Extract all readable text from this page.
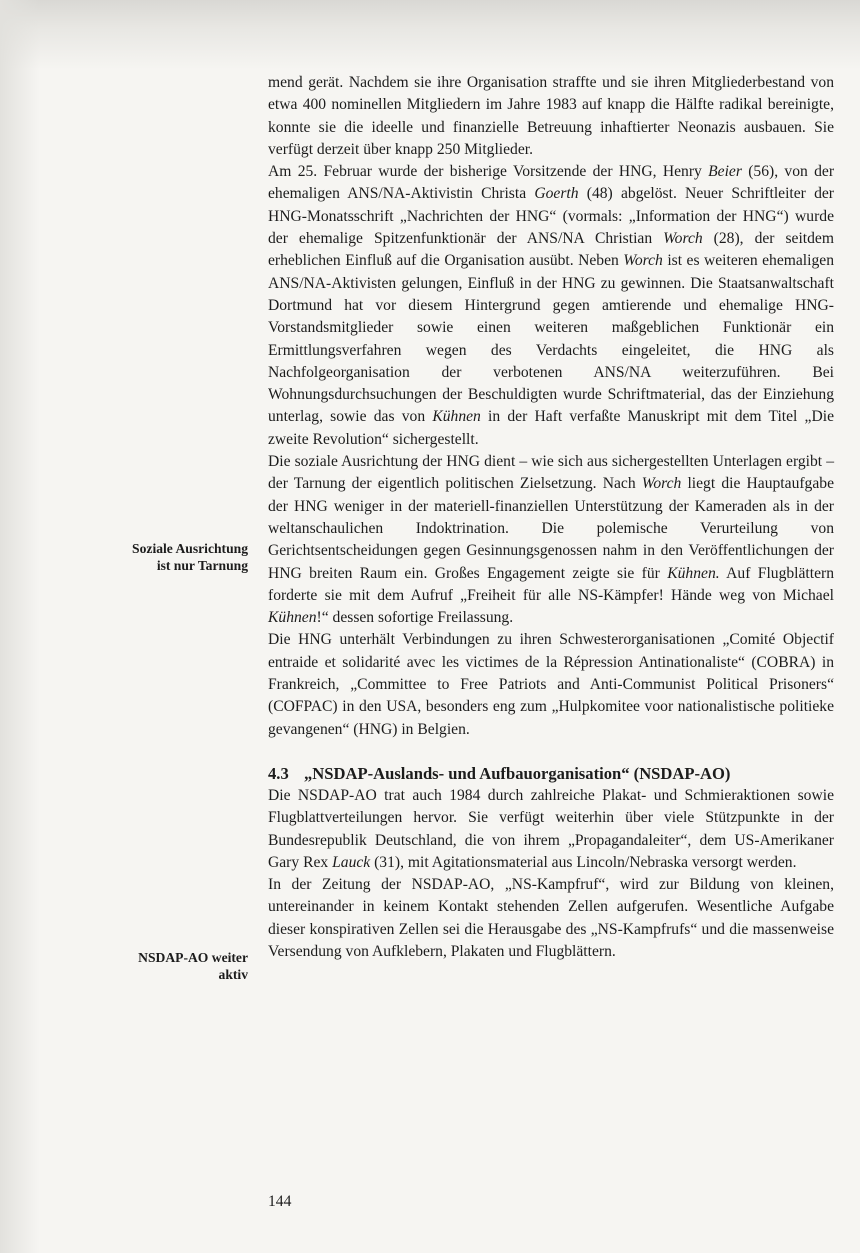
Soziale Ausrichtung
ist nur Tarnung
NSDAP-AO weiter
aktiv

mend gerät. Nachdem sie ihre Organisation straffte und sie ihren Mitgliederbestand von etwa 400 nominellen Mitgliedern im Jahre 1983 auf knapp die Hälfte radikal bereinigte, konnte sie die ideelle und finanzielle Betreuung inhaftierter Neonazis ausbauen. Sie verfügt derzeit über knapp 250 Mitglieder.

Am 25. Februar wurde der bisherige Vorsitzende der HNG, Henry Beier (56), von der ehemaligen ANS/NA-Aktivistin Christa Goerth (48) abgelöst. Neuer Schriftleiter der HNG-Monatsschrift „Nachrichten der HNG“ (vormals: „Information der HNG“) wurde der ehemalige Spitzenfunktionär der ANS/NA Christian Worch (28), der seitdem erheblichen Einfluß auf die Organisation ausübt. Neben Worch ist es weiteren ehemaligen ANS/NA-Aktivisten gelungen, Einfluß in der HNG zu gewinnen. Die Staatsanwaltschaft Dortmund hat vor diesem Hintergrund gegen amtierende und ehemalige HNG-Vorstandsmitglieder sowie einen weiteren maßgeblichen Funktionär ein Ermittlungsverfahren wegen des Verdachts eingeleitet, die HNG als Nachfolgeorganisation der verbotenen ANS/NA weiterzuführen. Bei Wohnungsdurchsuchungen der Beschuldigten wurde Schriftmaterial, das der Einziehung unterlag, sowie das von Kühnen in der Haft verfaßte Manuskript mit dem Titel „Die zweite Revolution“ sichergestellt.

Die soziale Ausrichtung der HNG dient – wie sich aus sichergestellten Unterlagen ergibt – der Tarnung der eigentlich politischen Zielsetzung. Nach Worch liegt die Hauptaufgabe der HNG weniger in der materiell-finanziellen Unterstützung der Kameraden als in der weltanschaulichen Indoktrination. Die polemische Verurteilung von Gerichtsentscheidungen gegen Gesinnungsgenossen nahm in den Veröffentlichungen der HNG breiten Raum ein. Großes Engagement zeigte sie für Kühnen. Auf Flugblättern forderte sie mit dem Aufruf „Freiheit für alle NS-Kämpfer! Hände weg von Michael Kühnen!“ dessen sofortige Freilassung.

Die HNG unterhält Verbindungen zu ihren Schwesterorganisationen „Comité Objectif entraide et solidarité avec les victimes de la Répression Antinationaliste“ (COBRA) in Frankreich, „Committee to Free Patriots and Anti-Communist Political Prisoners“ (COFPAC) in den USA, besonders eng zum „Hulpkomitee voor nationalistische politieke gevangenen“ (HNG) in Belgien.

4.3 „NSDAP-Auslands- und Aufbauorganisation“ (NSDAP-AO)

Die NSDAP-AO trat auch 1984 durch zahlreiche Plakat- und Schmieraktionen sowie Flugblattverteilungen hervor. Sie verfügt weiterhin über viele Stützpunkte in der Bundesrepublik Deutschland, die von ihrem „Propagandaleiter“, dem US-Amerikaner Gary Rex Lauck (31), mit Agitationsmaterial aus Lincoln/Nebraska versorgt werden.

In der Zeitung der NSDAP-AO, „NS-Kampfruf“, wird zur Bildung von kleinen, untereinander in keinem Kontakt stehenden Zellen aufgerufen. Wesentliche Aufgabe dieser konspirativen Zellen sei die Herausgabe des „NS-Kampfrufs“ und die massenweise Versendung von Aufklebern, Plakaten und Flugblättern.

144
